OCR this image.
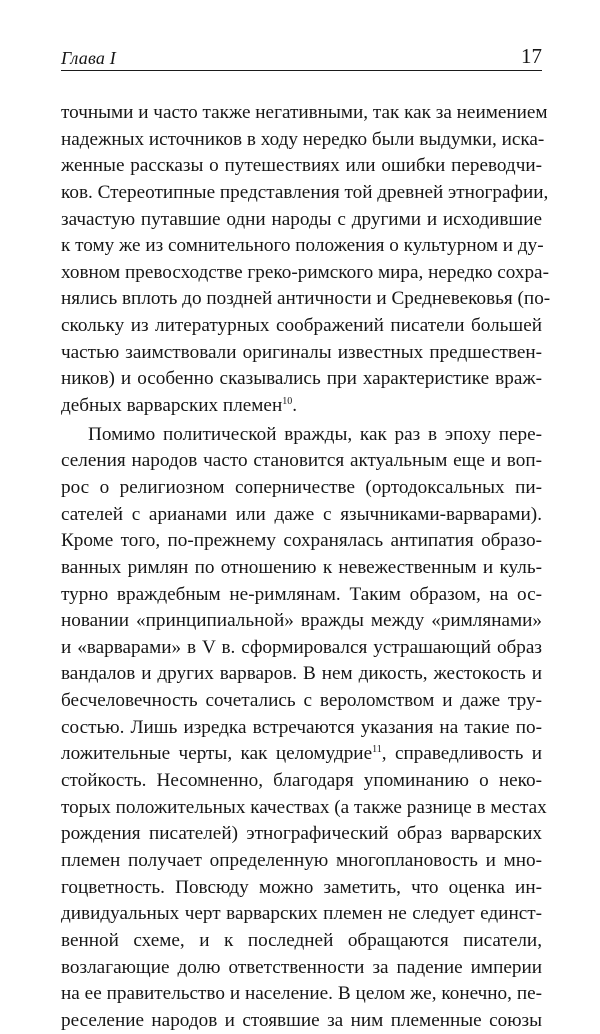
Глава I	17
точными и часто также негативными, так как за неимением
надежных источников в ходу нередко были выдумки, иска-
женные рассказы о путешествиях или ошибки переводчи-
ков. Стереотипные представления той древней этнографии,
зачастую путавшие одни народы с другими и исходившие
к тому же из сомнительного положения о культурном и ду-
ховном превосходстве греко-римского мира, нередко сохра-
нялись вплоть до поздней античности и Средневековья (по-
скольку из литературных соображений писатели большей
частью заимствовали оригиналы известных предшествен-
ников) и особенно сказывались при характеристике враж-
дебных варварских племен$^{10}$.
Помимо политической вражды, как раз в эпоху пере-
селения народов часто становится актуальным еще и воп-
рос о религиозном соперничестве (ортодоксальных пи-
сателей с арианами или даже с язычниками-варварами).
Кроме того, по-прежнему сохранялась антипатия образо-
ванных римлян по отношению к невежественным и куль-
турно враждебным не-римлянам. Таким образом, на ос-
новании «принципиальной» вражды между «римлянами»
и «варварами» в V в. сформировался устрашающий образ
вандалов и других варваров. В нем дикость, жестокость и
бесчеловечность сочетались с вероломством и даже тру-
состью. Лишь изредка встречаются указания на такие по-
ложительные черты, как целомудрие$^{11}$, справедливость и
стойкость. Несомненно, благодаря упоминанию о неко-
торых положительных качествах (а также разнице в местах
рождения писателей) этнографический образ варварских
племен получает определенную многоплановость и мно-
гоцветность. Повсюду можно заметить, что оценка ин-
дивидуальных черт варварских племен не следует единст-
венной схеме, и к последней обращаются писатели,
возлагающие долю ответственности за падение империи
на ее правительство и население. В целом же, конечно, пе-
реселение народов и стоявшие за ним племенные союзы
